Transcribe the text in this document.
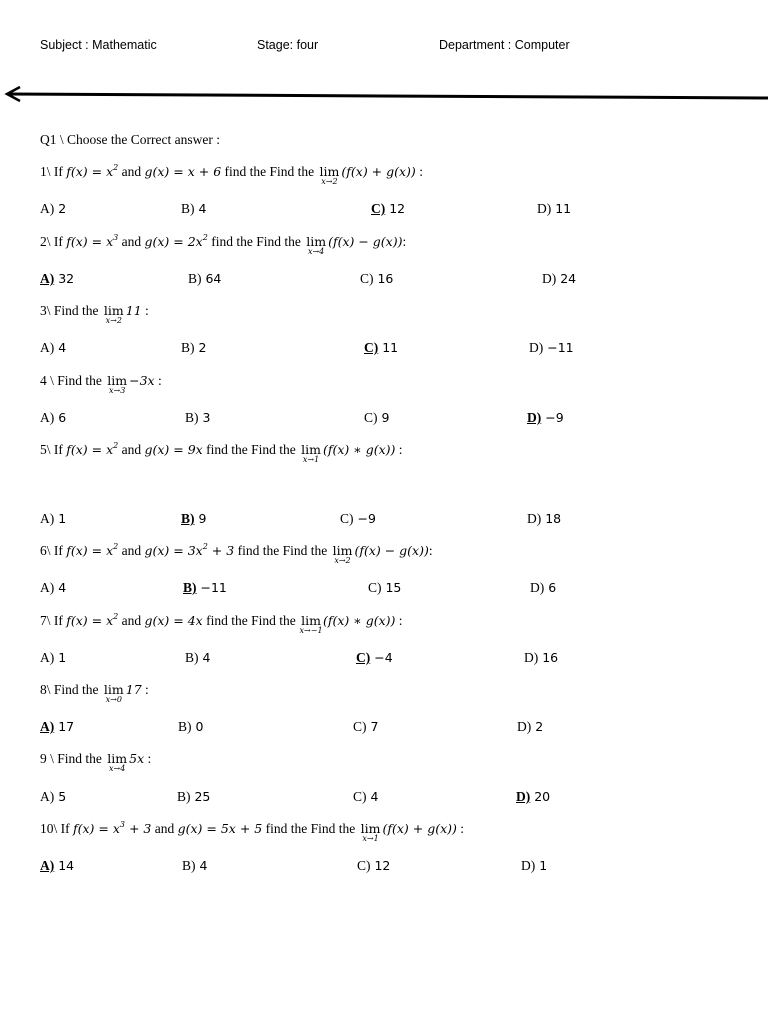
Subject : Mathematic	Stage: four	Department : Computer
Q1 \ Choose the Correct answer :
1\ If $f(x) = x^2$ and g(x) = x + 6 find the Find the lim
x→2
(f(x) + g(x)) :
A) 2	B) 4	C) 12	D) 11
2\ If $f(x) = x^3$ and $g(x) = 2x^2$ find the Find the lim
x→4
(f(x) − g(x)):
A) 32	B) 64	C) 16	D) 24
3\ Find the lim
x→2
11 :
A) 4	B) 2	C) 11	D) −11
4 \ Find the lim
x→3
−3x :
A) 6	B) 3	C) 9	D) −9
5\ If $f(x) = x^2$ and g(x) = 9x find the Find the lim
x→1
(f(x) ∗ g(x)) :
A) 1	B) 9	C) −9	D) 18
6\ If $f(x) = x^2$ and $g(x) = 3x^2 + 3$ find the Find the lim
x→2
(f(x) − g(x)):
A) 4	B) −11	C) 15	D) 6
7\ If $f(x) = x^2$ and g(x) = 4x find the Find the lim
x→−1
(f(x) ∗ g(x)) :
A) 1	B) 4	C) −4	D) 16
8\ Find the lim
x→0
17 :
A) 17	B) 0	C) 7	D) 2
9 \ Find the lim
x→4
5x :
A) 5	B) 25	C) 4	D) 20
10\ If $f(x) = x^3 + 3$ and g(x) = 5x + 5 find the Find the lim
x→1
(f(x) + g(x)) :
A) 14	B) 4	C) 12	D) 1
